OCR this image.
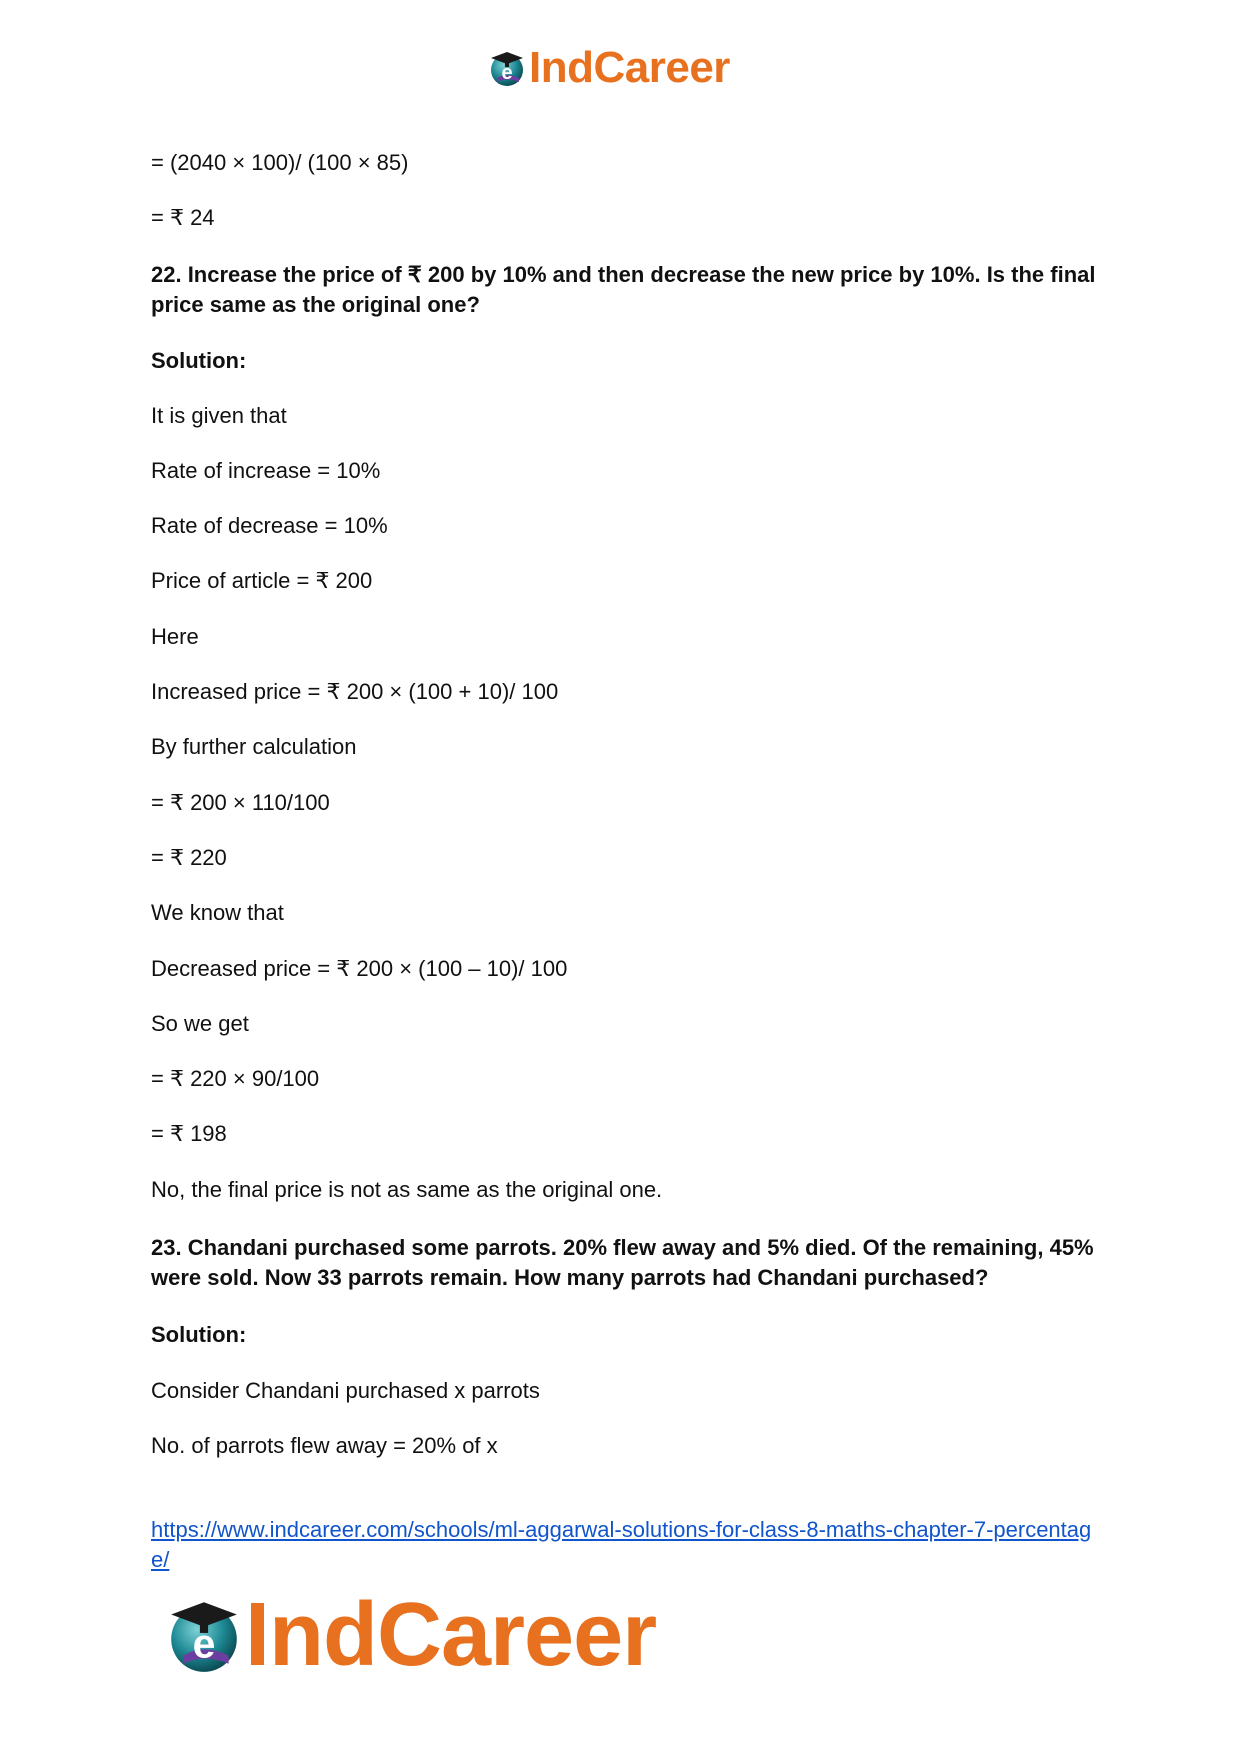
e IndCareer
= (2040 × 100)/ (100 × 85)
= ₹ 24
22. Increase the price of ₹ 200 by 10% and then decrease the new price by 10%. Is the final price same as the original one?
Solution:
It is given that
Rate of increase = 10%
Rate of decrease = 10%
Price of article = ₹ 200
Here
Increased price = ₹ 200 × (100 + 10)/ 100
By further calculation
= ₹ 200 × 110/100
= ₹ 220
We know that
Decreased price = ₹ 200 × (100 – 10)/ 100
So we get
= ₹ 220 × 90/100
= ₹ 198
No, the final price is not as same as the original one.
23. Chandani purchased some parrots. 20% flew away and 5% died. Of the remaining, 45% were sold. Now 33 parrots remain. How many parrots had Chandani purchased?
Solution:
Consider Chandani purchased x parrots
No. of parrots flew away = 20% of x
https://www.indcareer.com/schools/ml-aggarwal-solutions-for-class-8-maths-chapter-7-percentage/
e IndCareer
